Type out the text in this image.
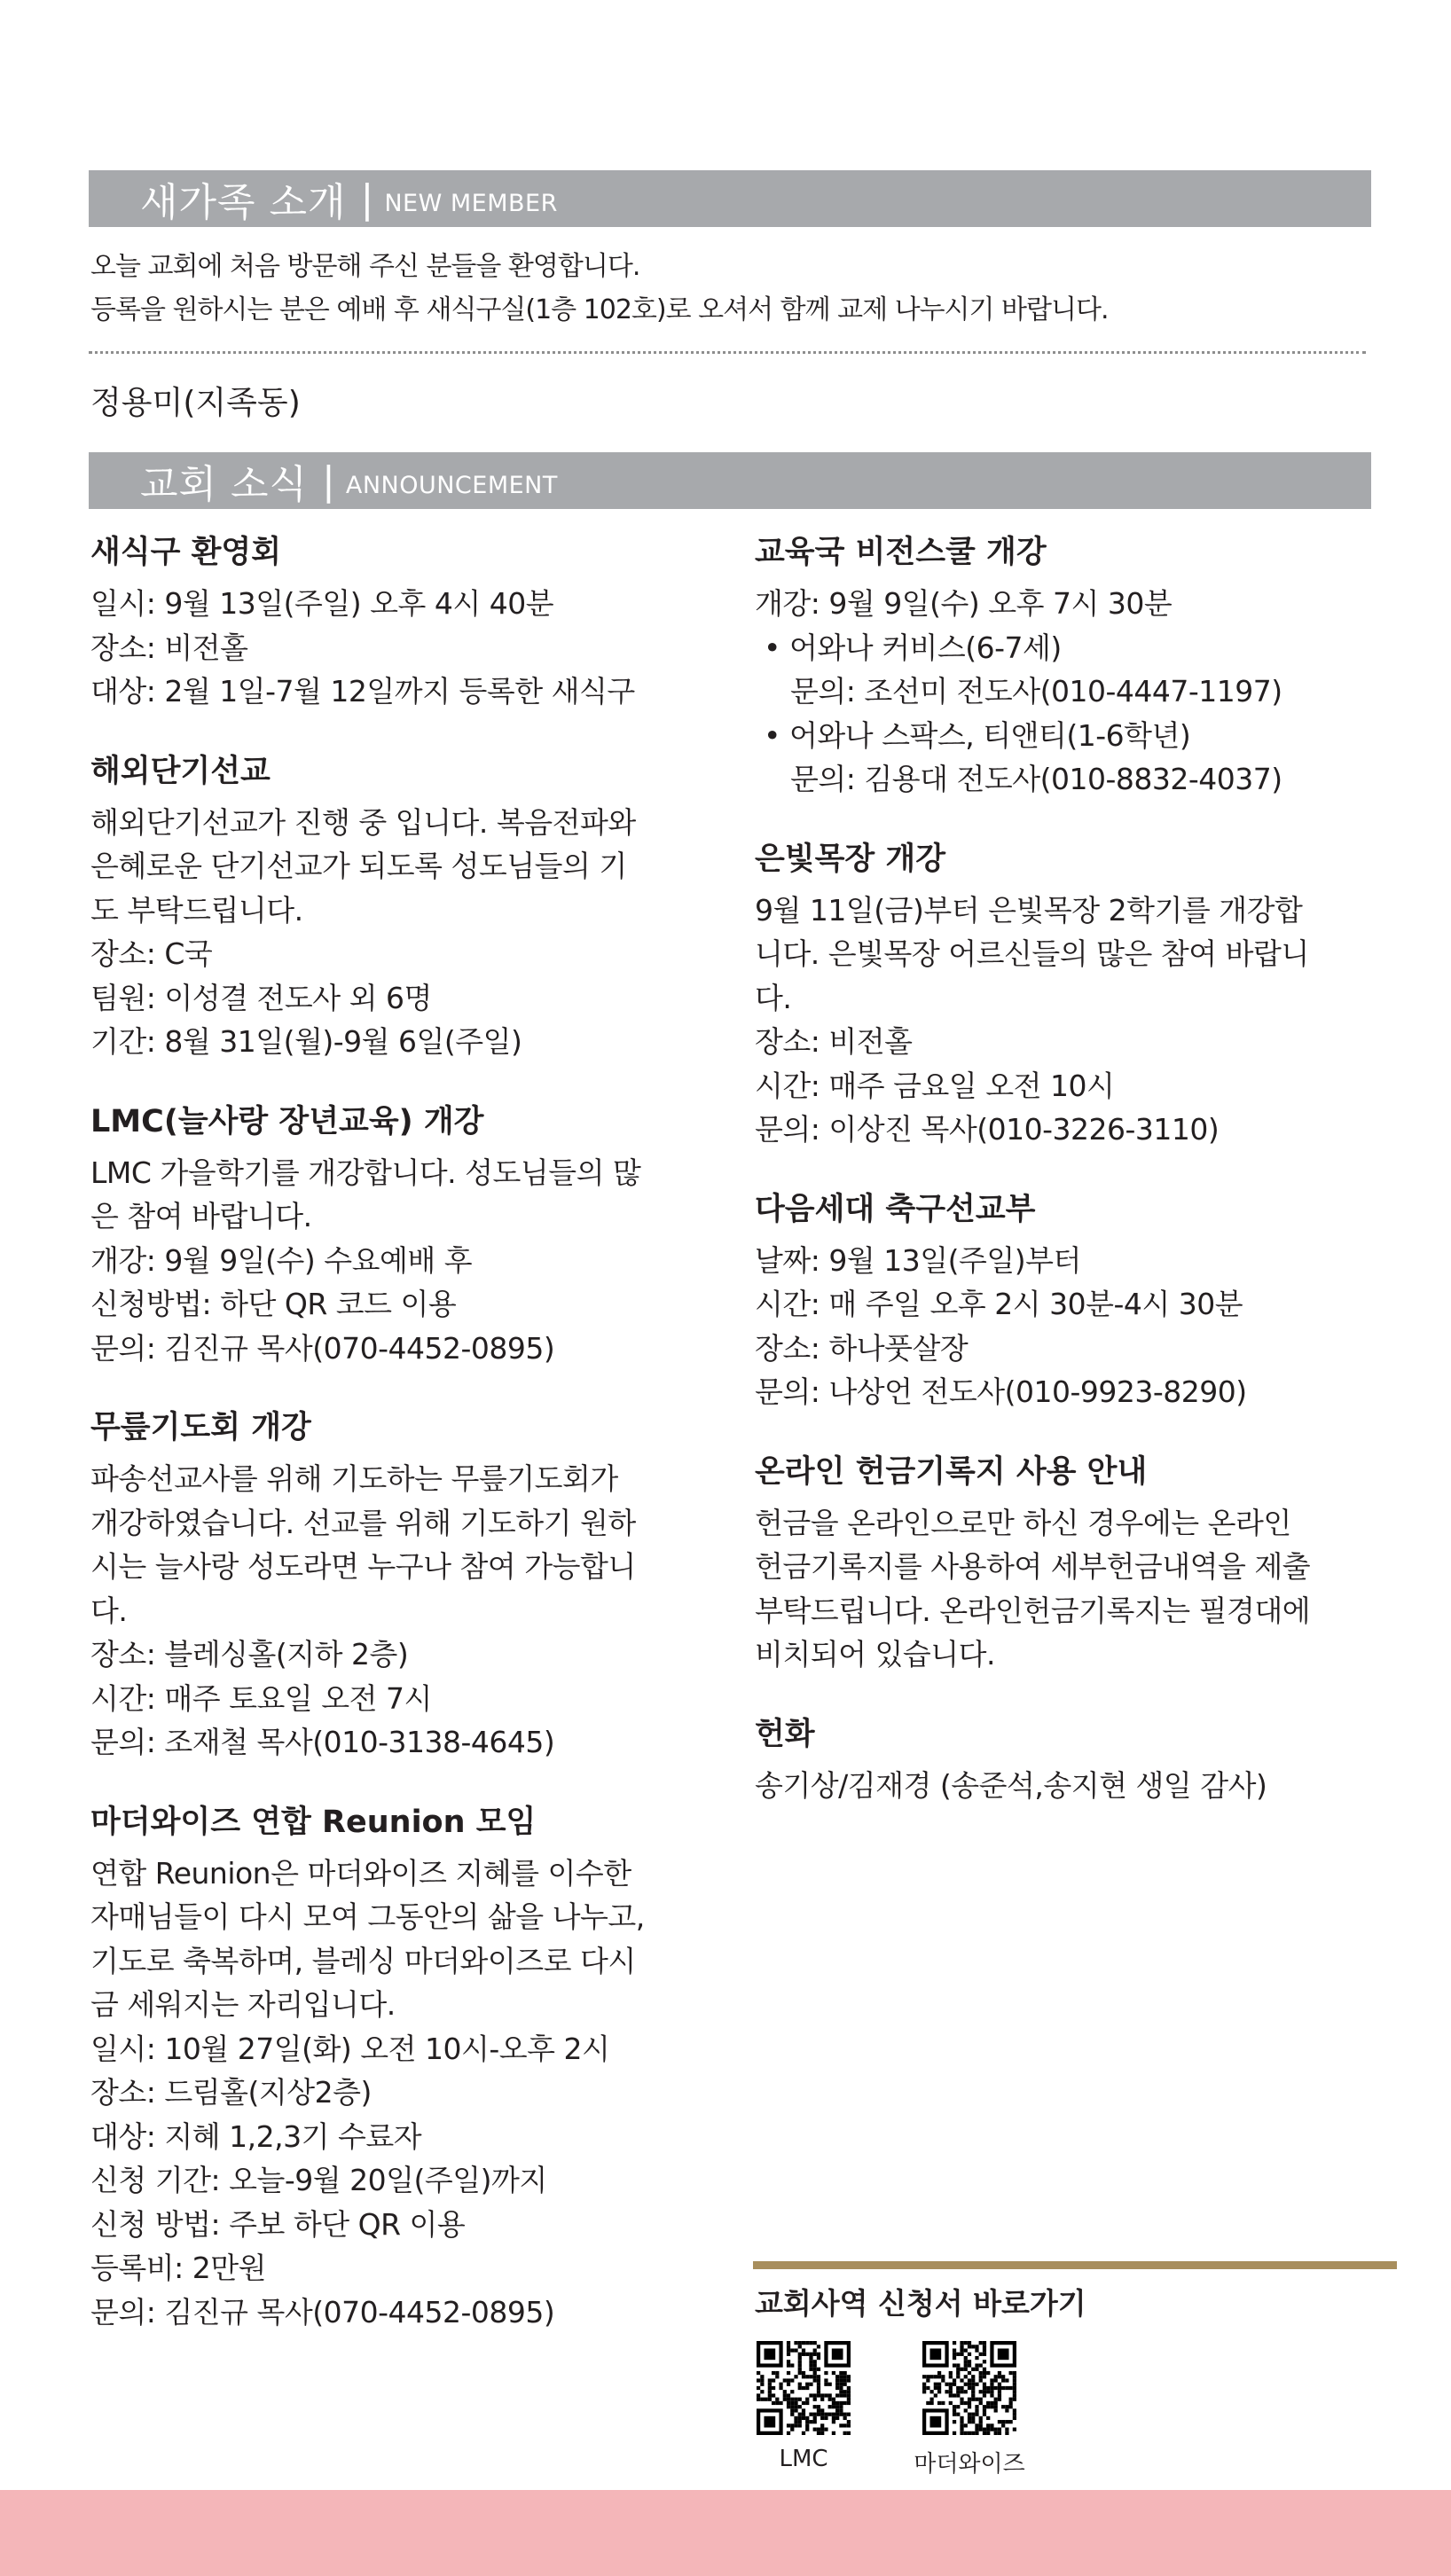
새가족 소개 | NEW MEMBER
오늘 교회에 처음 방문해 주신 분들을 환영합니다.
등록을 원하시는 분은 예배 후 새식구실(1층 102호)로 오셔서 함께 교제 나누시기 바랍니다.
정용미(지족동)
교회 소식 | ANNOUNCEMENT
새식구 환영회
일시: 9월 13일(주일) 오후 4시 40분
장소: 비전홀
대상: 2월 1일-7월 12일까지 등록한 새식구
해외단기선교
해외단기선교가 진행 중 입니다. 복음전파와
은혜로운 단기선교가 되도록 성도님들의 기
도 부탁드립니다.
장소: C국
팀원: 이성결 전도사 외 6명
기간: 8월 31일(월)-9월 6일(주일)
LMC(늘사랑 장년교육) 개강
LMC 가을학기를 개강합니다. 성도님들의 많
은 참여 바랍니다.
개강: 9월 9일(수) 수요예배 후
신청방법: 하단 QR 코드 이용
문의: 김진규 목사(070-4452-0895)
무릎기도회 개강
파송선교사를 위해 기도하는 무릎기도회가
개강하였습니다. 선교를 위해 기도하기 원하
시는 늘사랑 성도라면 누구나 참여 가능합니
다.
장소: 블레싱홀(지하 2층)
시간: 매주 토요일 오전 7시
문의: 조재철 목사(010-3138-4645)
마더와이즈 연합 Reunion 모임
연합 Reunion은 마더와이즈 지혜를 이수한
자매님들이 다시 모여 그동안의 삶을 나누고,
기도로 축복하며, 블레싱 마더와이즈로 다시
금 세워지는 자리입니다.
일시: 10월 27일(화) 오전 10시-오후 2시
장소: 드림홀(지상2층)
대상: 지혜 1,2,3기 수료자
신청 기간: 오늘-9월 20일(주일)까지
신청 방법: 주보 하단 QR 이용
등록비: 2만원
문의: 김진규 목사(070-4452-0895)
교육국 비전스쿨 개강
개강: 9월 9일(수) 오후 7시 30분
• 어와나 커비스(6-7세)
문의: 조선미 전도사(010-4447-1197)
• 어와나 스팍스, 티앤티(1-6학년)
문의: 김용대 전도사(010-8832-4037)
은빛목장 개강
9월 11일(금)부터 은빛목장 2학기를 개강합
니다. 은빛목장 어르신들의 많은 참여 바랍니
다.
장소: 비전홀
시간: 매주 금요일 오전 10시
문의: 이상진 목사(010-3226-3110)
다음세대 축구선교부
날짜: 9월 13일(주일)부터
시간: 매 주일 오후 2시 30분-4시 30분
장소: 하나풋살장
문의: 나상언 전도사(010-9923-8290)
온라인 헌금기록지 사용 안내
헌금을 온라인으로만 하신 경우에는 온라인
헌금기록지를 사용하여 세부헌금내역을 제출
부탁드립니다. 온라인헌금기록지는 필경대에
비치되어 있습니다.
헌화
송기상/김재경 (송준석,송지현 생일 감사)
교회사역 신청서 바로가기
LMC	마더와이즈
